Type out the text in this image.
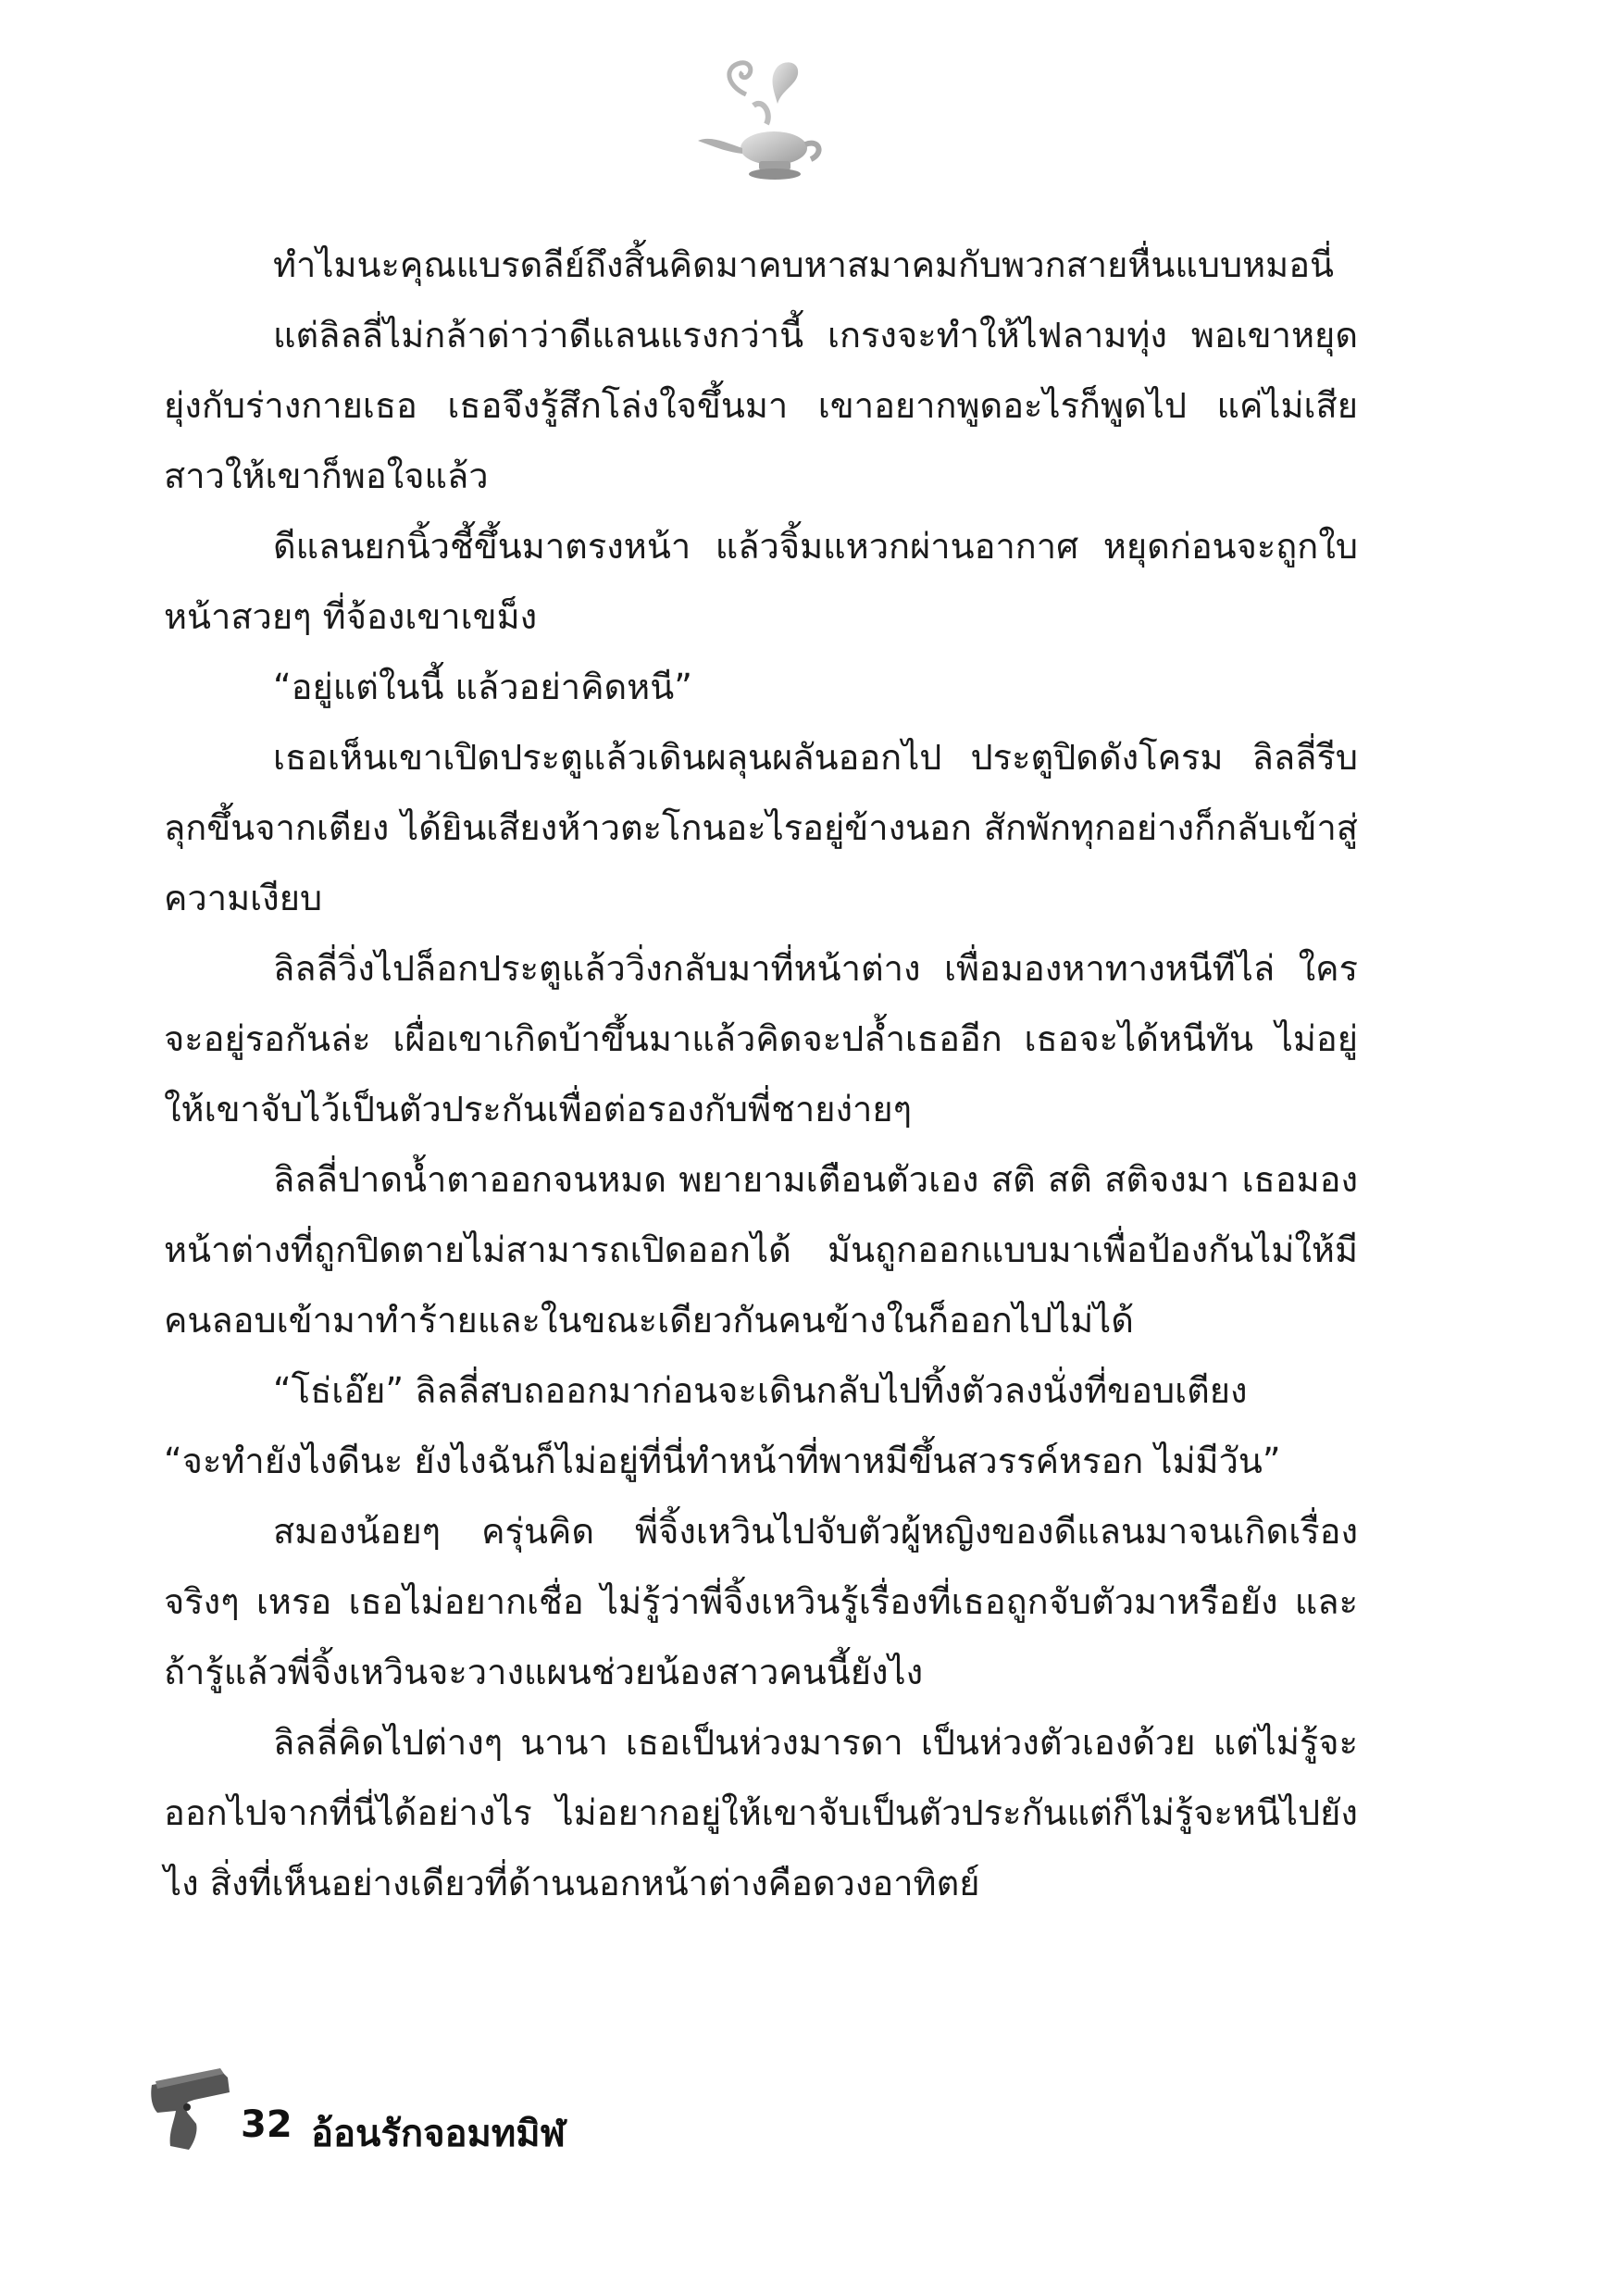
ทำไมนะคุณแบรดลีย์ถึงสิ้นคิดมาคบหาสมาคมกับพวกสายหื่นแบบหมอนี่

แต่ลิลลี่ไม่กล้าด่าว่าดีแลนแรงกว่านี้ เกรงจะทำให้ไฟลามทุ่ง พอเขาหยุดยุ่งกับร่างกายเธอ เธอจึงรู้สึกโล่งใจขึ้นมา เขาอยากพูดอะไรก็พูดไป แค่ไม่เสียสาวให้เขาก็พอใจแล้ว

ดีแลนยกนิ้วชี้ขึ้นมาตรงหน้า แล้วจิ้มแหวกผ่านอากาศ หยุดก่อนจะถูกใบหน้าสวยๆ ที่จ้องเขาเขม็ง

“อยู่แต่ในนี้ แล้วอย่าคิดหนี”

เธอเห็นเขาเปิดประตูแล้วเดินผลุนผลันออกไป ประตูปิดดังโครม ลิลลี่รีบลุกขึ้นจากเตียง ได้ยินเสียงห้าวตะโกนอะไรอยู่ข้างนอก สักพักทุกอย่างก็กลับเข้าสู่ความเงียบ

ลิลลี่วิ่งไปล็อกประตูแล้ววิ่งกลับมาที่หน้าต่าง เพื่อมองหาทางหนีทีไล่ ใครจะอยู่รอกันล่ะ เผื่อเขาเกิดบ้าขึ้นมาแล้วคิดจะปล้ำเธออีก เธอจะได้หนีทัน ไม่อยู่ให้เขาจับไว้เป็นตัวประกันเพื่อต่อรองกับพี่ชายง่ายๆ

ลิลลี่ปาดน้ำตาออกจนหมด พยายามเตือนตัวเอง สติ สติ สติจงมา เธอมองหน้าต่างที่ถูกปิดตายไม่สามารถเปิดออกได้ มันถูกออกแบบมาเพื่อป้องกันไม่ให้มีคนลอบเข้ามาทำร้ายและในขณะเดียวกันคนข้างในก็ออกไปไม่ได้

“โธ่เอ๊ย” ลิลลี่สบถออกมาก่อนจะเดินกลับไปทิ้งตัวลงนั่งที่ขอบเตียง

“จะทำยังไงดีนะ ยังไงฉันก็ไม่อยู่ที่นี่ทำหน้าที่พาหมีขึ้นสวรรค์หรอก ไม่มีวัน”

สมองน้อยๆ ครุ่นคิด พี่จิ้งเหวินไปจับตัวผู้หญิงของดีแลนมาจนเกิดเรื่องจริงๆ เหรอ เธอไม่อยากเชื่อ ไม่รู้ว่าพี่จิ้งเหวินรู้เรื่องที่เธอถูกจับตัวมาหรือยัง และถ้ารู้แล้วพี่จิ้งเหวินจะวางแผนช่วยน้องสาวคนนี้ยังไง

ลิลลี่คิดไปต่างๆ นานา เธอเป็นห่วงมารดา เป็นห่วงตัวเองด้วย แต่ไม่รู้จะออกไปจากที่นี่ได้อย่างไร ไม่อยากอยู่ให้เขาจับเป็นตัวประกันแต่ก็ไม่รู้จะหนีไปยังไง สิ่งที่เห็นอย่างเดียวที่ด้านนอกหน้าต่างคือดวงอาทิตย์

32 อ้อนรักจอมทมิฬ
